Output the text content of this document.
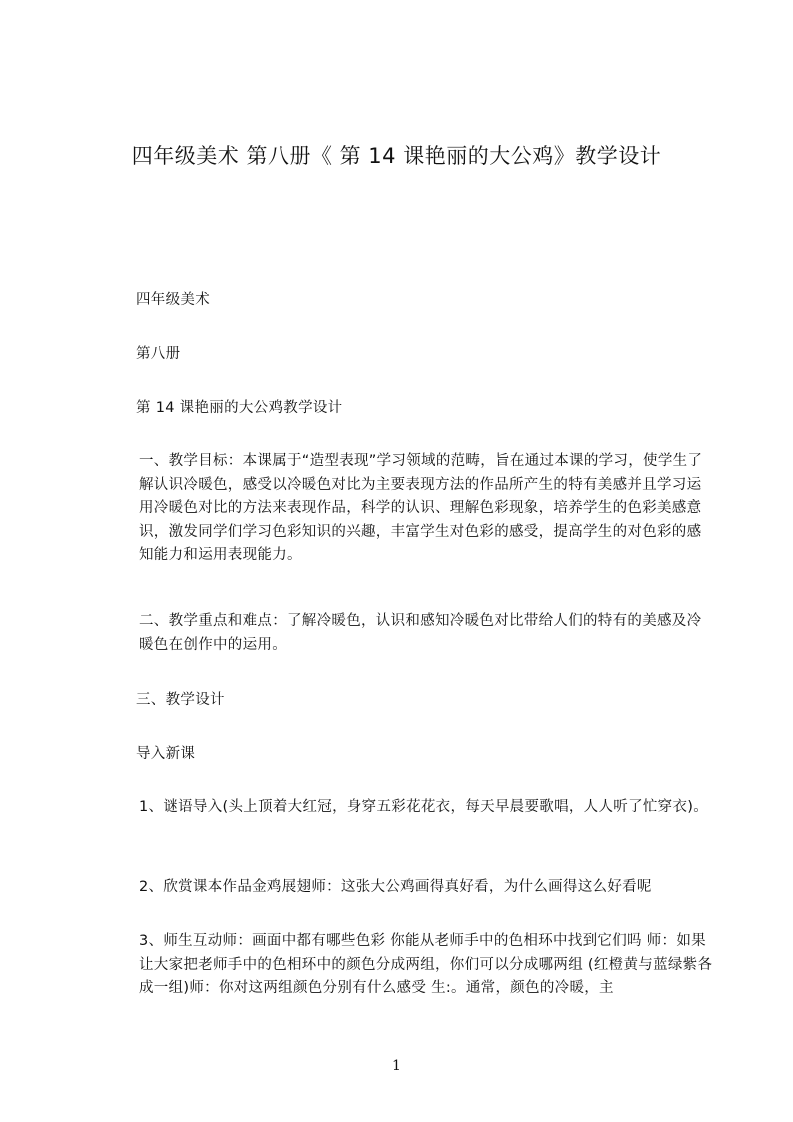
四年级美术 第八册《 第 14 课艳丽的大公鸡》教学设计
四年级美术
第八册
第 14 课艳丽的大公鸡教学设计
一、教学目标：本课属于“造型表现”学习领域的范畴，旨在通过本课的学习，使学生了解认识冷暖色，感受以冷暖色对比为主要表现方法的作品所产生的特有美感并且学习运用冷暖色对比的方法来表现作品，科学的认识、理解色彩现象，培养学生的色彩美感意识，激发同学们学习色彩知识的兴趣，丰富学生对色彩的感受，提高学生的对色彩的感知能力和运用表现能力。
二、教学重点和难点：了解冷暖色，认识和感知冷暖色对比带给人们的特有的美感及冷暖色在创作中的运用。
三、教学设计
导入新课
1、谜语导入(头上顶着大红冠，身穿五彩花花衣，每天早晨要歌唱，人人听了忙穿衣)。
2、欣赏课本作品金鸡展翅师：这张大公鸡画得真好看，为什么画得这么好看呢
3、师生互动师：画面中都有哪些色彩 你能从老师手中的色相环中找到它们吗 师：如果让大家把老师手中的色相环中的颜色分成两组，你们可以分成哪两组 (红橙黄与蓝绿紫各成一组)师：你对这两组颜色分别有什么感受 生:。通常，颜色的冷暖，主
1
